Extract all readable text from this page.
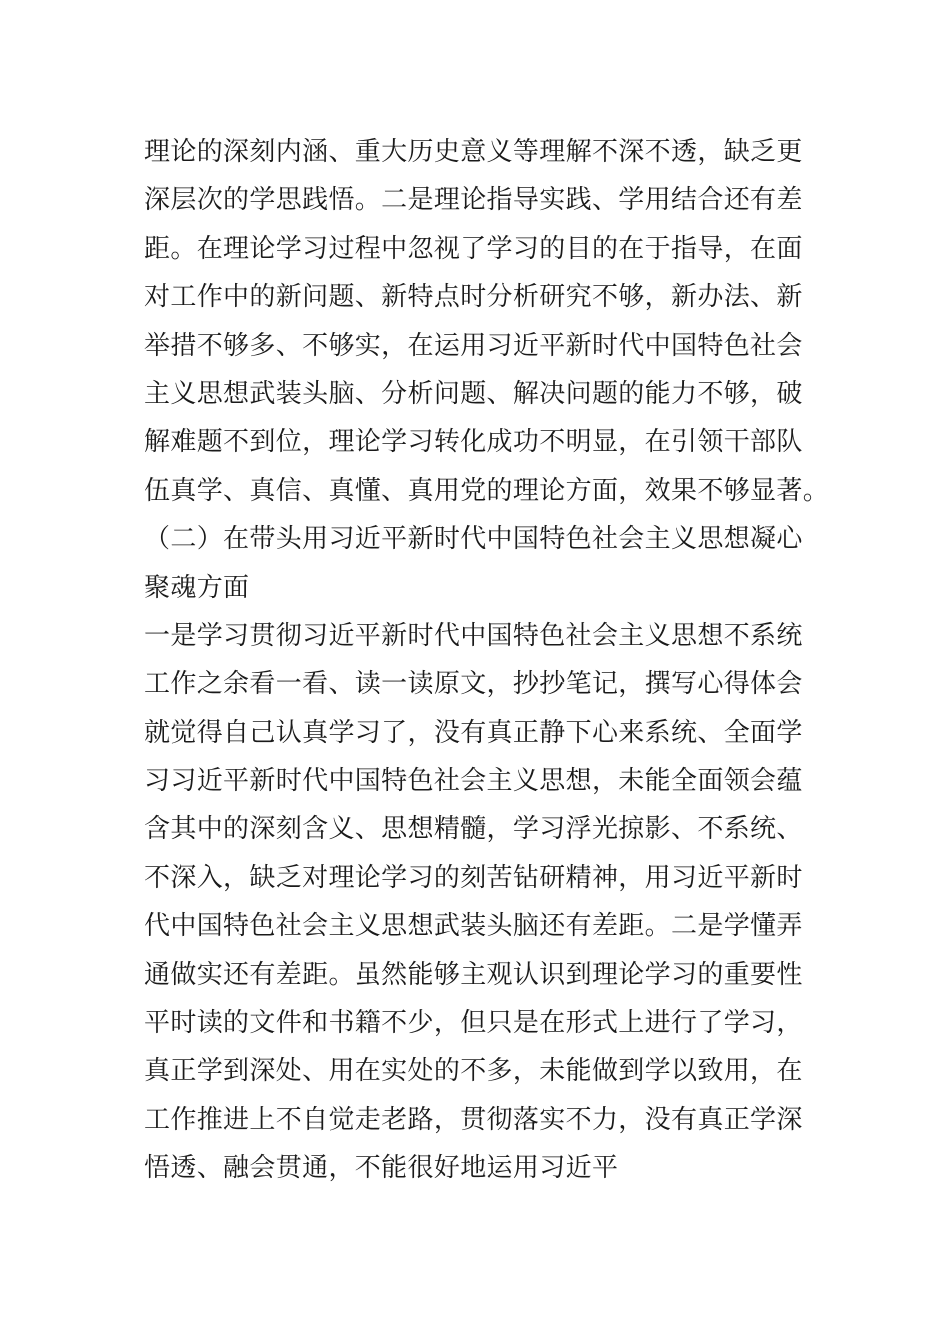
理论的深刻内涵、重大历史意义等理解不深不透，缺乏更
深层次的学思践悟。二是理论指导实践、学用结合还有差
距。在理论学习过程中忽视了学习的目的在于指导，在面
对工作中的新问题、新特点时分析研究不够，新办法、新
举措不够多、不够实，在运用习近平新时代中国特色社会
主义思想武装头脑、分析问题、解决问题的能力不够，破
解难题不到位，理论学习转化成功不明显，在引领干部队
伍真学、真信、真懂、真用党的理论方面，效果不够显著。
（二）在带头用习近平新时代中国特色社会主义思想凝心
聚魂方面
一是学习贯彻习近平新时代中国特色社会主义思想不系统
工作之余看一看、读一读原文，抄抄笔记，撰写心得体会
就觉得自己认真学习了，没有真正静下心来系统、全面学
习习近平新时代中国特色社会主义思想，未能全面领会蕴
含其中的深刻含义、思想精髓，学习浮光掠影、不系统、
不深入，缺乏对理论学习的刻苦钻研精神，用习近平新时
代中国特色社会主义思想武装头脑还有差距。二是学懂弄
通做实还有差距。虽然能够主观认识到理论学习的重要性
平时读的文件和书籍不少，但只是在形式上进行了学习，
真正学到深处、用在实处的不多，未能做到学以致用，在
工作推进上不自觉走老路，贯彻落实不力，没有真正学深
悟透、融会贯通，不能很好地运用习近平
